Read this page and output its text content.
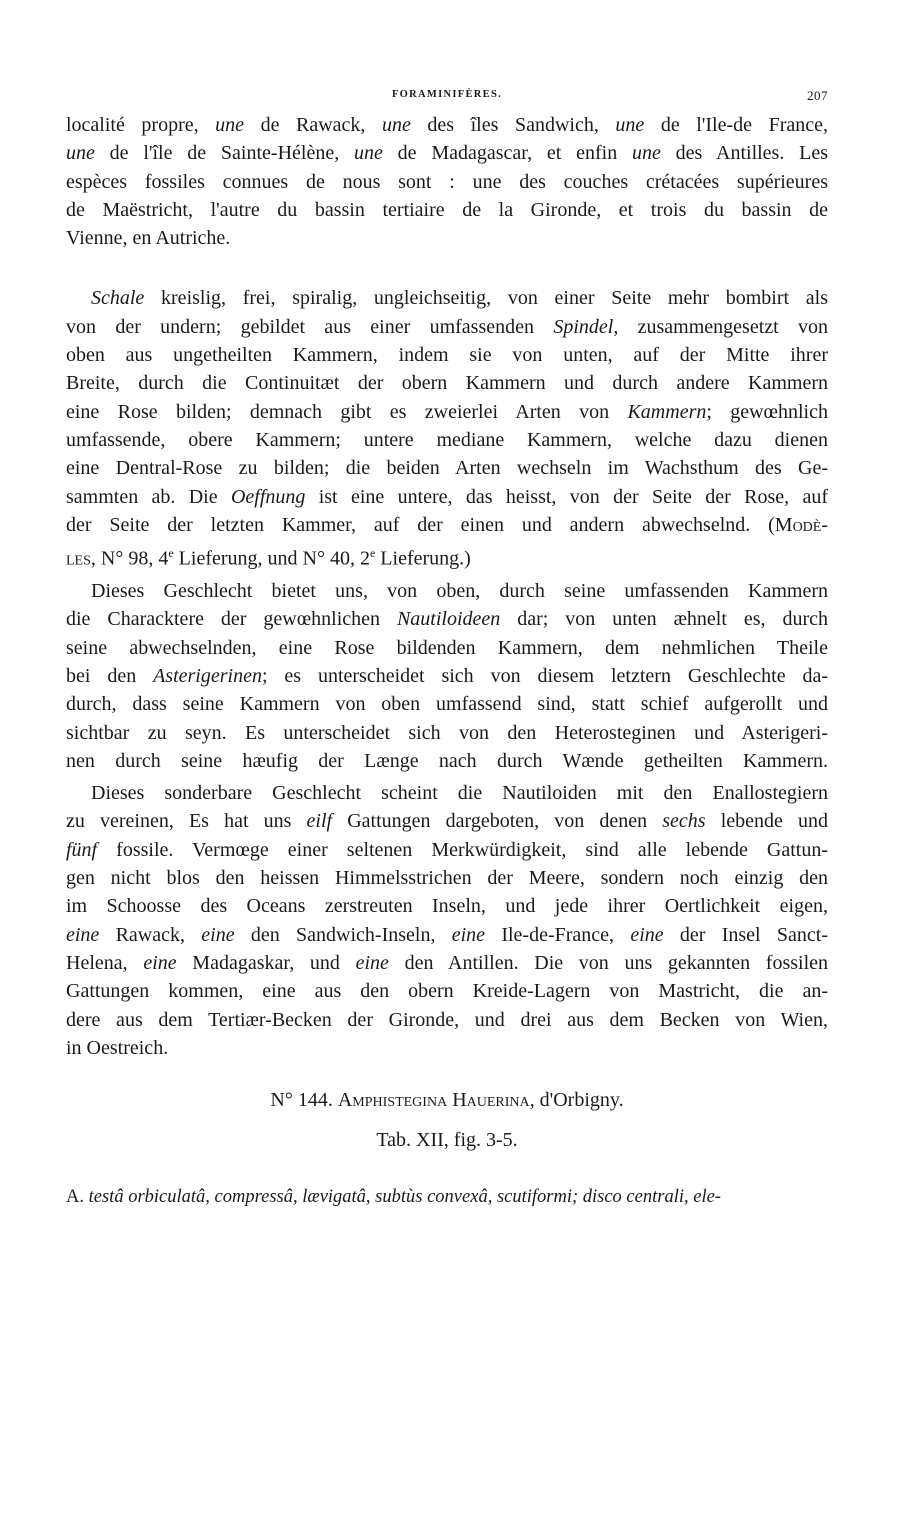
FORAMINIFÈRES.	207
localité propre, une de Rawack, une des îles Sandwich, une de l'Ile-de France,
une de l'île de Sainte-Hélène, une de Madagascar, et enfin une des Antilles. Les
espèces fossiles connues de nous sont : une des couches crétacées supérieures
de Maëstricht, l'autre du bassin tertiaire de la Gironde, et trois du bassin de
Vienne, en Autriche.
Schale kreislig, frei, spiralig, ungleichseitig, von einer Seite mehr bombirt als
von der undern; gebildet aus einer umfassenden Spindel, zusammengesetzt von
oben aus ungetheilten Kammern, indem sie von unten, auf der Mitte ihrer
Breite, durch die Continuitæt der obern Kammern und durch andere Kammern
eine Rose bilden; demnach gibt es zweierlei Arten von Kammern; gewœhnlich
umfassende, obere Kammern; untere mediane Kammern, welche dazu dienen
eine Dentral-Rose zu bilden; die beiden Arten wechseln im Wachsthum des Ge-
sammten ab. Die Oeffnung ist eine untere, das heisst, von der Seite der Rose, auf
der Seite der letzten Kammer, auf der einen und andern abwechselnd. (Modè-
les, N° 98, 4e Lieferung, und N° 40, 2e Lieferung.)
Dieses Geschlecht bietet uns, von oben, durch seine umfassenden Kammern
die Characktere der gewœhnlichen Nautiloideen dar; von unten æhnelt es, durch
seine abwechselnden, eine Rose bildenden Kammern, dem nehmlichen Theile
bei den Asterigerinen; es unterscheidet sich von diesem letztern Geschlechte da-
durch, dass seine Kammern von oben umfassend sind, statt schief aufgerollt und
sichtbar zu seyn. Es unterscheidet sich von den Heterosteginen und Asterigeri-
nen durch seine hæufig der Længe nach durch Wænde getheilten Kammern.
Dieses sonderbare Geschlecht scheint die Nautiloiden mit den Enallostegiern
zu vereinen, Es hat uns eilf Gattungen dargeboten, von denen sechs lebende und
fünf fossile. Vermœge einer seltenen Merkwürdigkeit, sind alle lebende Gattun-
gen nicht blos den heissen Himmelsstrichen der Meere, sondern noch einzig den
im Schoosse des Oceans zerstreuten Inseln, und jede ihrer Oertlichkeit eigen,
eine Rawack, eine den Sandwich-Inseln, eine Ile-de-France, eine der Insel Sanct-
Helena, eine Madagaskar, und eine den Antillen. Die von uns gekannten fossilen
Gattungen kommen, eine aus den obern Kreide-Lagern von Mastricht, die an-
dere aus dem Tertiær-Becken der Gironde, und drei aus dem Becken von Wien,
in Oestreich.
N° 144. Amphistegina Hauerina, d'Orbigny.
Tab. XII, fig. 3-5.
A. testâ orbiculatâ, compressâ, lævigatâ, subtùs convexâ, scutiformi; disco centrali, ele-
